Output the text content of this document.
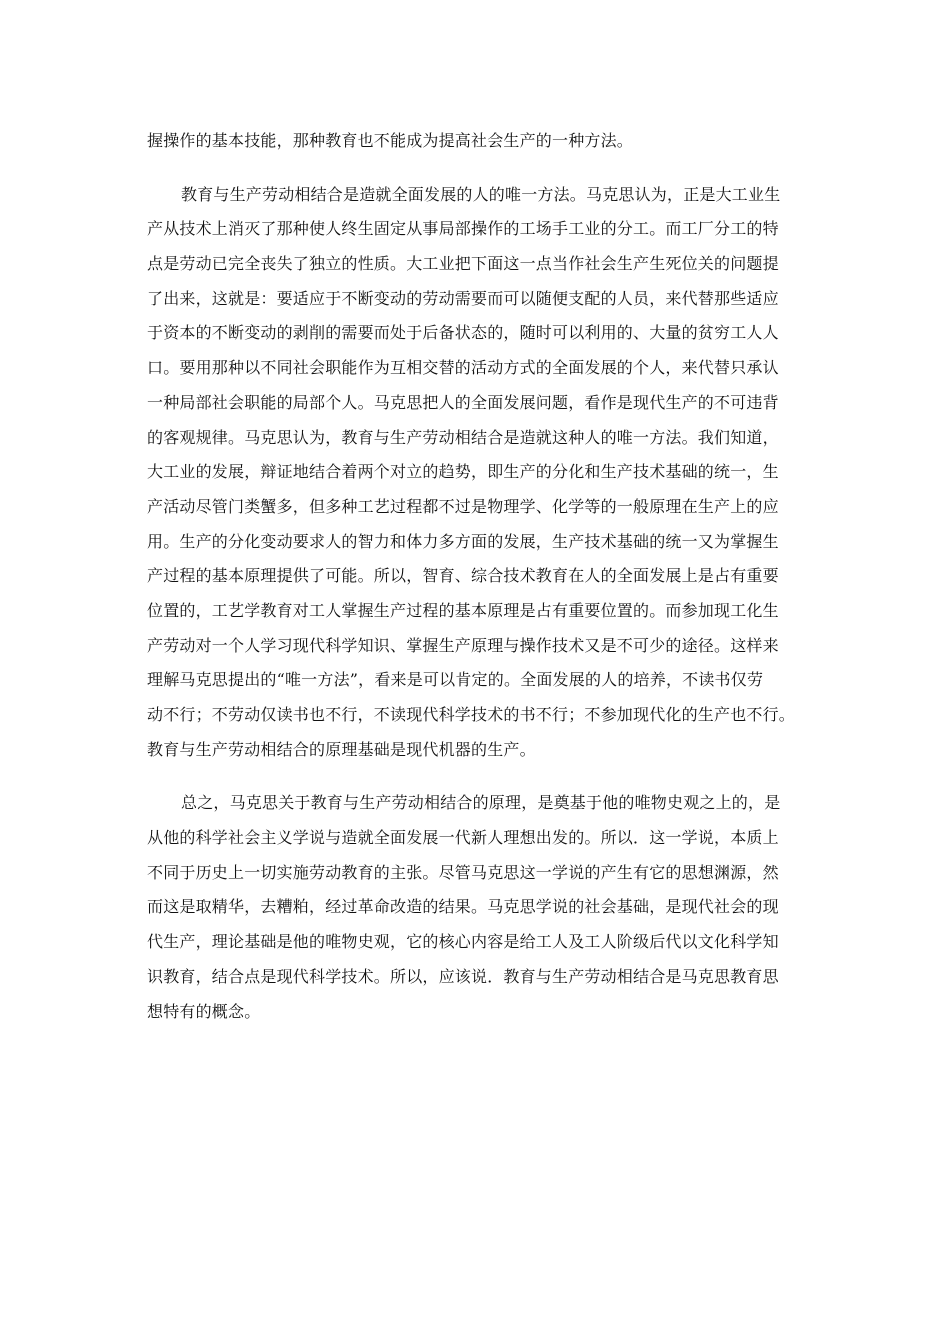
握操作的基本技能，那种教育也不能成为提高社会生产的一种方法。
教育与生产劳动相结合是造就全面发展的人的唯一方法。马克思认为，正是大工业生
产从技术上消灭了那种使人终生固定从事局部操作的工场手工业的分工。而工厂分工的特
点是劳动已完全丧失了独立的性质。大工业把下面这一点当作社会生产生死位关的问题提
了出来，这就是：要适应于不断变动的劳动需要而可以随便支配的人员，来代替那些适应
于资本的不断变动的剥削的需要而处于后备状态的，随时可以利用的、大量的贫穷工人人
口。要用那种以不同社会职能作为互相交替的活动方式的全面发展的个人，来代替只承认
一种局部社会职能的局部个人。马克思把人的全面发展问题，看作是现代生产的不可违背
的客观规律。马克思认为，教育与生产劳动相结合是造就这种人的唯一方法。我们知道，
大工业的发展，辩证地结合着两个对立的趋势，即生产的分化和生产技术基础的统一，生
产活动尽管门类蟹多，但多种工艺过程都不过是物理学、化学等的一般原理在生产上的应
用。生产的分化变动要求人的智力和体力多方面的发展，生产技术基础的统一又为掌握生
产过程的基本原理提供了可能。所以，智育、综合技术教育在人的全面发展上是占有重要
位置的，工艺学教育对工人掌握生产过程的基本原理是占有重要位置的。而参加现工化生
产劳动对一个人学习现代科学知识、掌握生产原理与操作技术又是不可少的途径。这样来
理解马克思提出的“唯一方法”，看来是可以肯定的。全面发展的人的培养，不读书仅劳
动不行；不劳动仅读书也不行，不读现代科学技术的书不行；不参加现代化的生产也不行。
教育与生产劳动相结合的原理基础是现代机器的生产。
总之，马克思关于教育与生产劳动相结合的原理，是奠基于他的唯物史观之上的，是
从他的科学社会主义学说与造就全面发展一代新人理想出发的。所以．这一学说，本质上
不同于历史上一切实施劳动教育的主张。尽管马克思这一学说的产生有它的思想渊源，然
而这是取精华，去糟粕，经过革命改造的结果。马克思学说的社会基础，是现代社会的现
代生产，理论基础是他的唯物史观，它的核心内容是给工人及工人阶级后代以文化科学知
识教育，结合点是现代科学技术。所以，应该说．教育与生产劳动相结合是马克思教育思
想特有的概念。
